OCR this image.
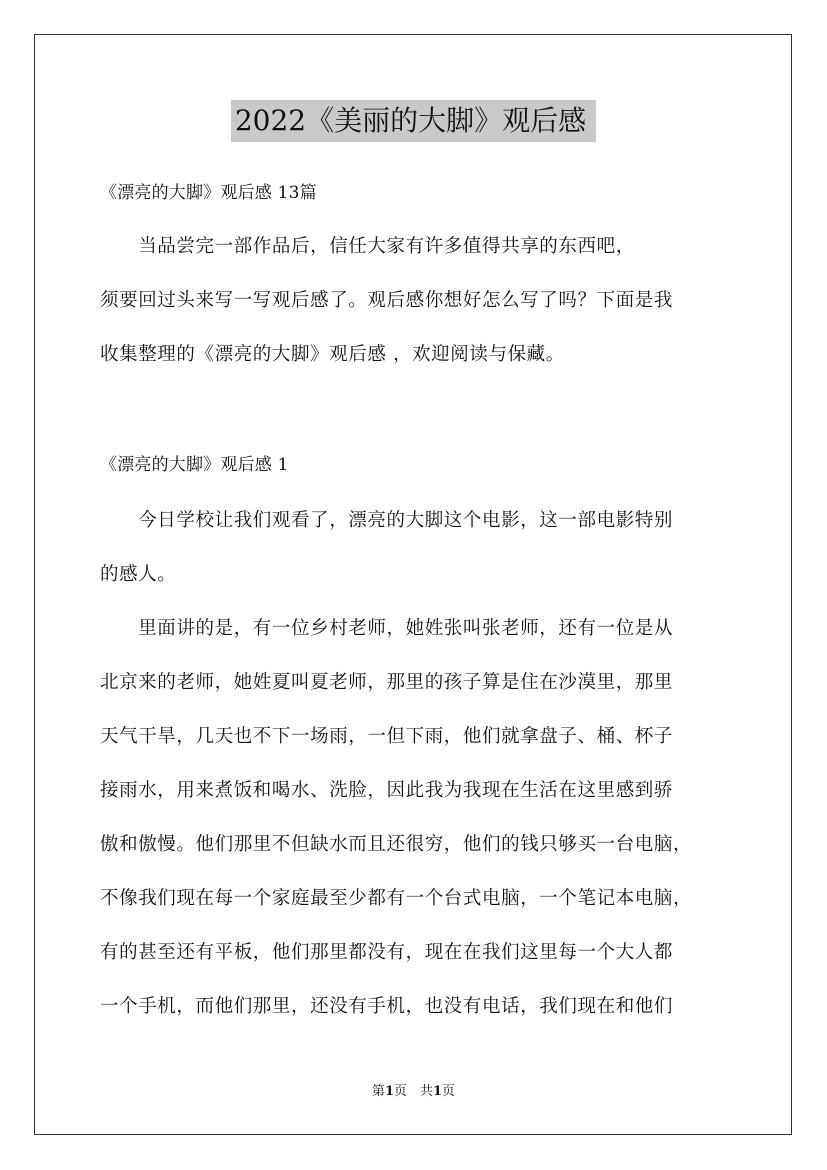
2022《美丽的大脚》观后感
《漂亮的大脚》观后感 13篇
　　当品尝完一部作品后，信任大家有许多值得共享的东西吧，
须要回过头来写一写观后感了。观后感你想好怎么写了吗？下面是我
收集整理的《漂亮的大脚》观后感 ，欢迎阅读与保藏。
《漂亮的大脚》观后感 1
　　今日学校让我们观看了，漂亮的大脚这个电影，这一部电影特别
的感人。
　　里面讲的是，有一位乡村老师，她姓张叫张老师，还有一位是从
北京来的老师，她姓夏叫夏老师，那里的孩子算是住在沙漠里，那里
天气干旱，几天也不下一场雨，一但下雨，他们就拿盘子、桶、杯子
接雨水，用来煮饭和喝水、洗脸，因此我为我现在生活在这里感到骄
傲和傲慢。他们那里不但缺水而且还很穷，他们的钱只够买一台电脑，
不像我们现在每一个家庭最至少都有一个台式电脑，一个笔记本电脑，
有的甚至还有平板，他们那里都没有，现在在我们这里每一个大人都
一个手机，而他们那里，还没有手机，也没有电话，我们现在和他们
第1页　共1页
